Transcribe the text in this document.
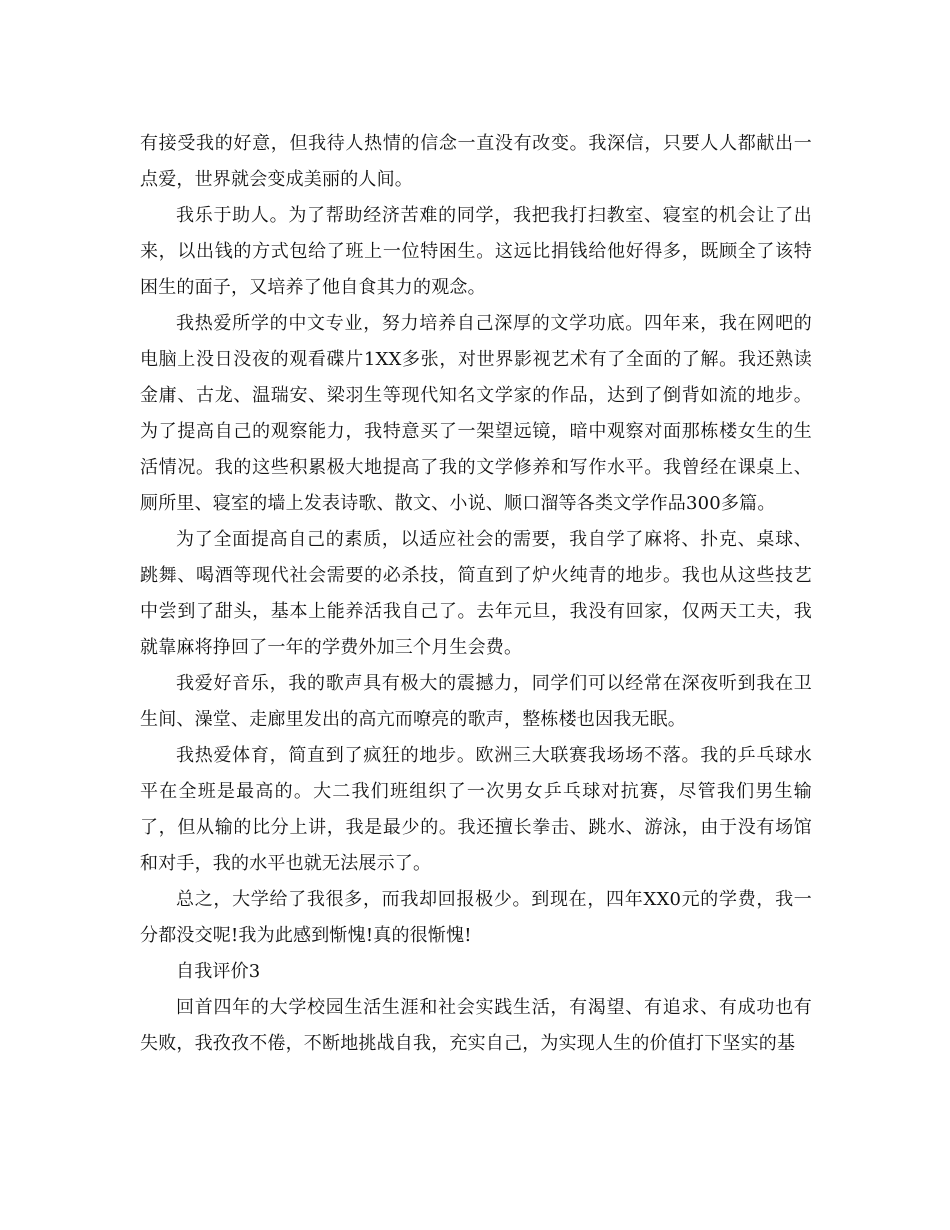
有接受我的好意，但我待人热情的信念一直没有改变。我深信，只要人人都献出一点爱，世界就会变成美丽的人间。

我乐于助人。为了帮助经济苦难的同学，我把我打扫教室、寝室的机会让了出来，以出钱的方式包给了班上一位特困生。这远比捐钱给他好得多，既顾全了该特困生的面子，又培养了他自食其力的观念。

我热爱所学的中文专业，努力培养自己深厚的文学功底。四年来，我在网吧的电脑上没日没夜的观看碟片1XX多张，对世界影视艺术有了全面的了解。我还熟读金庸、古龙、温瑞安、梁羽生等现代知名文学家的作品，达到了倒背如流的地步。为了提高自己的观察能力，我特意买了一架望远镜，暗中观察对面那栋楼女生的生活情况。我的这些积累极大地提高了我的文学修养和写作水平。我曾经在课桌上、厕所里、寝室的墙上发表诗歌、散文、小说、顺口溜等各类文学作品300多篇。

为了全面提高自己的素质，以适应社会的需要，我自学了麻将、扑克、桌球、跳舞、喝酒等现代社会需要的必杀技，简直到了炉火纯青的地步。我也从这些技艺中尝到了甜头，基本上能养活我自己了。去年元旦，我没有回家，仅两天工夫，我就靠麻将挣回了一年的学费外加三个月生会费。

我爱好音乐，我的歌声具有极大的震撼力，同学们可以经常在深夜听到我在卫生间、澡堂、走廊里发出的高亢而嘹亮的歌声，整栋楼也因我无眠。

我热爱体育，简直到了疯狂的地步。欧洲三大联赛我场场不落。我的乒乓球水平在全班是最高的。大二我们班组织了一次男女乒乓球对抗赛，尽管我们男生输了，但从输的比分上讲，我是最少的。我还擅长拳击、跳水、游泳，由于没有场馆和对手，我的水平也就无法展示了。

总之，大学给了我很多，而我却回报极少。到现在，四年XX0元的学费，我一分都没交呢!我为此感到惭愧!真的很惭愧!

自我评价3

回首四年的大学校园生活生涯和社会实践生活，有渴望、有追求、有成功也有失败，我孜孜不倦，不断地挑战自我，充实自己，为实现人生的价值打下坚实的基
